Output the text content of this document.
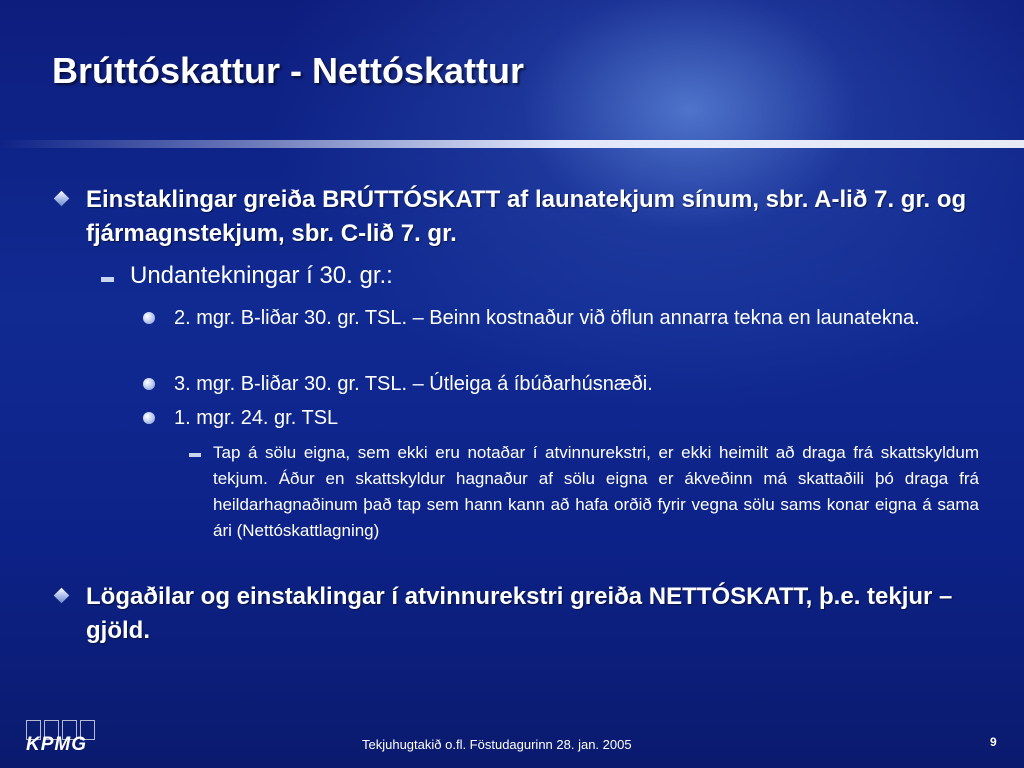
Brúttóskattur - Nettóskattur
Einstaklingar greiða BRÚTTÓSKATT af launatekjum sínum, sbr. A-lið 7. gr. og fjármagnstekjum, sbr. C-lið 7. gr.
Undantekningar í 30. gr.:
2. mgr. B-liðar 30. gr. TSL. – Beinn kostnaður við öflun annarra tekna en launatekna.
3. mgr. B-liðar 30. gr. TSL. – Útleiga á íbúðarhúsnæði.
1. mgr. 24. gr. TSL
Tap á sölu eigna, sem ekki eru notaðar í atvinnurekstri, er ekki heimilt að draga frá skattskyldum tekjum. Áður en skattskyldur hagnaður af sölu eigna er ákveðinn má skattaðili þó draga frá heildarhagnaðinum það tap sem hann kann að hafa orðið fyrir vegna sölu sams konar eigna á sama ári (Nettóskattlagning)
Lögaðilar og einstaklingar í atvinnurekstri greiða NETTÓSKATT, þ.e. tekjur – gjöld.
KPMG	Tekjuhugtakið o.fl. Föstudagurinn 28. jan. 2005	9
